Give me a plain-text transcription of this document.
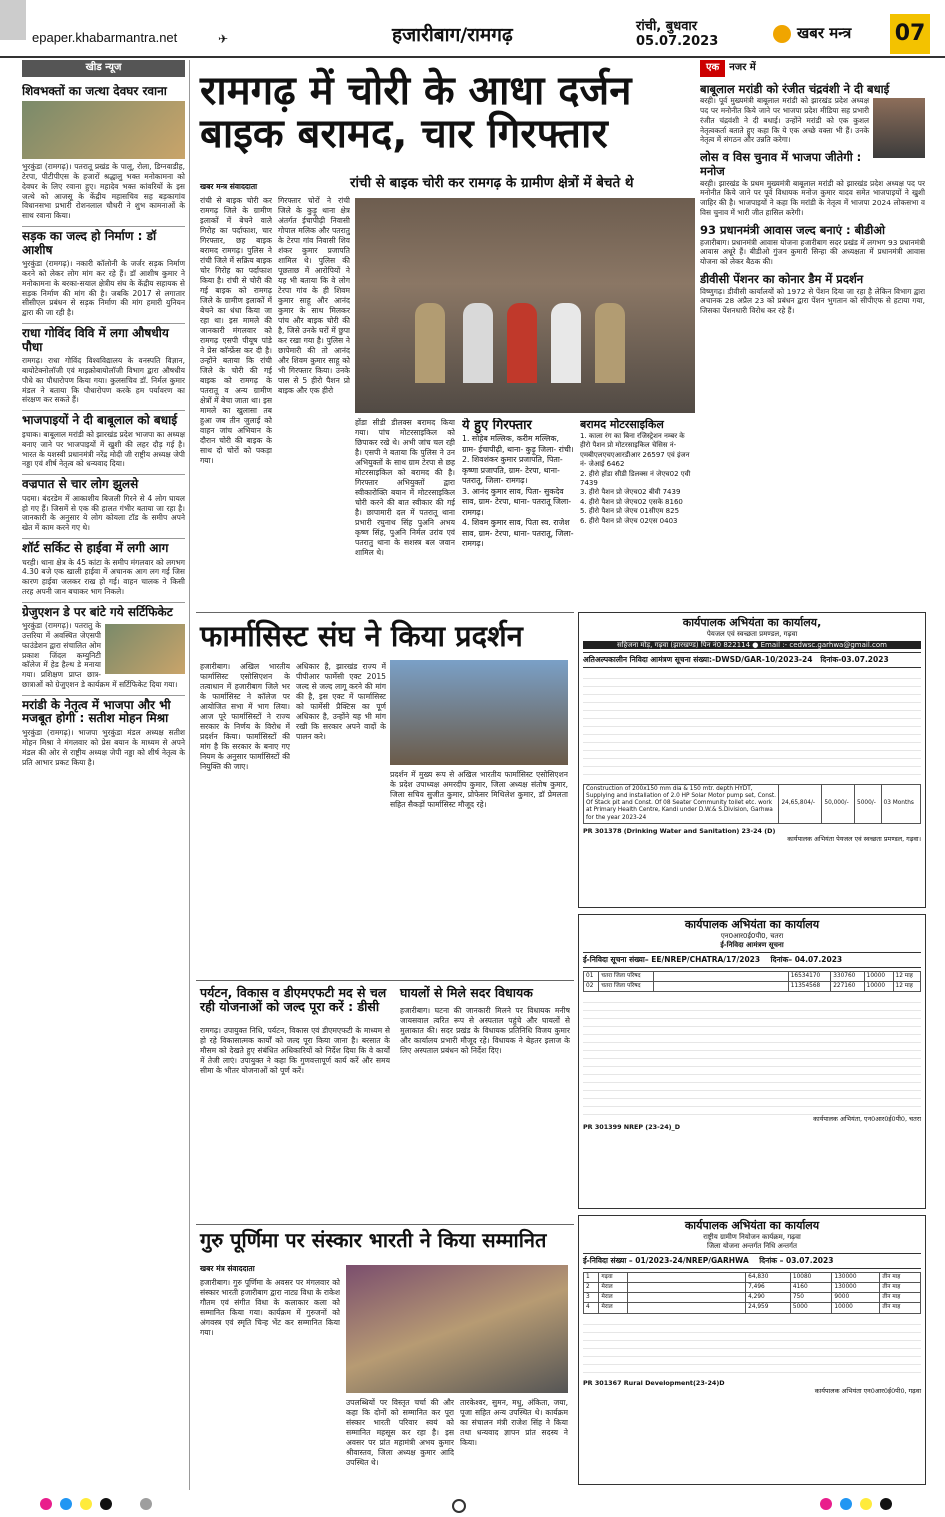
epaper.khabarmantra.net	✈	हजारीबाग/रामगढ़	रांची, बुधवार
05.07.2023	खबर मन्त्र 07
खीड न्यूज
शिवभक्तों का जत्था देवघर रवाना
भुरकुंडा (रामगढ़)। पतरातू प्रखंड के पालू, रोला, डिग्नवाडीह, टेरपा, पीटीपीएस के हजारों श्रद्धालु भक्त मनोकामना को देवघर के लिए रवाना हुए। महादेव भक्त कांवरियों के इस जत्थे को आजसू के केंद्रीय महासचिव सह बड़कागांव विधानसभा प्रभारी रोशनलाल चौधरी ने शुभ कामनाओं के साथ रवाना किया।
सड़क का जल्द हो निर्माण : डॉ आशीष
भुरकुंडा (रामगढ़)। नकारी कॉलोनी के जर्जर सड़क निर्माण करने को लेकर लोग मांग कर रहे हैं। डॉ आशीष कुमार ने मनोकामना के बरका-सयाल क्षेत्रीय संघ के केंद्रीय सहायक से सड़क निर्माण की मांग की है। जबकि 2017 से लगातार सीसीएल प्रबंधन से सड़क निर्माण की मांग हमारी युनियन द्वारा की जा रही है।
राधा गोविंद विवि में लगा औषधीय पौधा
रामगढ़। राधा गोविंद विश्वविद्यालय के वनस्पति विज्ञान, बायोटेक्नोलॉजी एवं माइक्रोबायोलॉजी विभाग द्वारा औषधीय पौधे का पौधारोपण किया गया। कुलसचिव डॉ. निर्मल कुमार मंडल ने बताया कि पौधारोपण करके हम पर्यावरण का संरक्षण कर सकते हैं।
भाजपाइयों ने दी बाबूलाल को बधाई
इचाक। बाबूलाल मरांडी को झारखंड प्रदेश भाजपा का अध्यक्ष बनाए जाने पर भाजपाइयों में खुशी की लहर दौड़ गई है। भारत के यशस्वी प्रधानमंत्री नरेंद्र मोदी जी राष्ट्रीय अध्यक्ष जेपी नड्डा एवं शीर्ष नेतृत्व को धन्यवाद दिया।
वज्रपात से चार लोग झुलसे
पदमा। बंदरडेम में आकाशीय बिजली गिरने से 4 लोग घायल हो गए हैं। जिसमें से एक की हालत गंभीर बताया जा रहा है। जानकारी के अनुसार ये लोग कोयला टॉड के समीप अपने खेत में काम करने गए थे।
शॉर्ट सर्किट से हाईवा में लगी आग
चरही। थाना क्षेत्र के 45 कांटा के समीप मंगलवार को लगभग 4.30 बजे एक खाली हाईवा में अचानक आग लग गई जिस कारण हाईवा जलकर राख हो गई। वाहन चालक ने किसी तरह अपनी जान बचाकर भाग निकले।
ग्रेजुएशन डे पर बांटे गये सर्टिफिकेट
भुरकुंडा (रामगढ़)। पतरातु के उत्तरिया में अवस्थित जेएसपी फाउंडेशन द्वारा संचालित ओम प्रकाश जिंदल कम्युनिटी कॉलेज में हेड हैल्थ डे मनाया गया। प्रशिक्षण प्राप्त छात्र-छात्राओं को ग्रेजुएशन डे कार्यक्रम में सर्टिफिकेट दिया गया।
मरांडी के नेतृत्व में भाजपा और भी मजबूत होगी : सतीश मोहन मिश्रा
भुरकुंडा (रामगढ़)। भाजपा भुरकुंडा मंडल अध्यक्ष सतीश मोहन मिश्रा ने मंगलवार को प्रेस बयान के माध्यम से अपने मंडल की ओर से राष्ट्रीय अध्यक्ष जेपी नड्डा को शीर्ष नेतृत्व के प्रति आभार प्रकट किया है।
रामगढ़ में चोरी के आधा दर्जन बाइक बरामद, चार गिरफ्तार
रांची से बाइक चोरी कर रामगढ़ के ग्रामीण क्षेत्रों में बेचते थे
खबर मन्त्र संवाददाता
रांची से बाइक चोरी कर रामगढ़ जिले के ग्रामीण इलाकों में बेचने वाले गिरोह का पर्दाफाश, चार गिरफ्तार, छह बाइक बरामद रामगढ़। पुलिस ने रांची जिले में सक्रिय बाइक चोर गिरोह का पर्दाफाश किया है। रांची से चोरी की गई बाइक को रामगढ़ जिले के ग्रामीण इलाकों में बेचने का धंधा किया जा रहा था। इस मामले की जानकारी मंगलवार को रामगढ़ एसपी पीयूष पांडे ने प्रेस कॉन्फ्रेंस कर दी है। उन्होंने बताया कि रांची जिले के चोरी की गई बाइक को रामगढ़ के पतरातू व अन्य ग्रामीण क्षेत्रों में बेचा जाता था। इस मामले का खुलासा तब हुआ जब तीन जुलाई को वाहन जांच अभियान के दौरान चोरी की बाइक के साथ दो चोरों को पकड़ा गया।
गिरफ्तार चोरों ने रांची जिले के कुड़ू थाना क्षेत्र अंतर्गत ईचापीढ़ी निवासी गोपाल मलिक और पतरातु के टेरपा गांव निवासी शिव शंकर कुमार प्रजापति शामिल थे। पुलिस की पूछताछ में आरोपियों ने यह भी बताया कि वे लोग टेरपा गांव के ही शिवम कुमार साहू और आनंद कुमार के साथ मिलकर पांच और बाइक चोरी की है, जिसे उनके घरों में छुपा कर रखा गया है। पुलिस ने छापेमारी की तो आनंद और शिवम कुमार साहू को भी गिरफ्तार किया। उनके पास से 5 हीरो पैशन प्रो बाइक और एक हीरो
होंडा सीडी डीलक्स बरामद किया गया। पांच मोटरसाइकिल को छिपाकर रखे थे। अभी जांच चल रही है। एसपी ने बताया कि पुलिस ने उन अभियुक्तों के साथ ग्राम टेरपा से छह मोटरसाइकिल को बरामद की है। गिरफ्तार अभियुक्तों द्वारा स्वीकारोक्ति बयान में मोटरसाइकिल चोरी करने की बात स्वीकार की गई है। छापामारी दल में पतरातू थाना प्रभारी रघुनाथ सिंह पुअनि अभय कृष्ण सिंह, पुअनि निर्मल उरांव एवं पतरातु थाना के सशस्त्र बल जवान शामिल थे।
ये हुए गिरफ्तार
1. सोहेब मल्लिक, करीम मल्लिक, ग्राम- ईचापीढ़ी, थाना- कुड़ू जिला- रांची।
2. शिवशंकर कुमार प्रजापति, पिता- कृष्णा प्रजापति, ग्राम- टेरपा, थाना- पतरातू, जिला- रामगढ़।
3. आनंद कुमार साव, पिता- सुकदेव साव, ग्राम- टेरपा, थाना- पतरातू जिला- रामगढ़।
4. शिवम कुमार साव, पिता स्व. राजेश साव, ग्राम- टेरपा, थाना- पतरातू, जिला- रामगढ़।
बरामद मोटरसाइकिल
1. काला रंग का बिना रजिस्ट्रेशन नम्बर के हीरो पैशन प्रो मोटरसाइकिल चेसिस नं- एमबीएलएचएआरडीआर 26597 एवं इंजन नं- जेआई 6462
2. हीरो होंडा सीडी डिलक्स नं जेएच02 एवी 7439
3. हीरो पैशन प्रो जेएच02 बीवी 7439
4. हीरो पैशन प्रो जेएच02 एसके 8160
5. हीरो पैशन प्रो जेएच 01सीएम 825
6. हीरो पैशन प्रो जेएच 02एस 0403
एक नजर में
बाबूलाल मरांडी को रंजीत चंद्रवंशी ने दी बधाई
बरही। पूर्व मुख्यमंत्री बाबूलाल मरांडी को झारखंड प्रदेश अध्यक्ष पद पर मनोनीत किये जाने पर भाजपा प्रदेश मीडिया सह प्रभारी रंजीत चंद्रवंशी ने दी बधाई। उन्होंने मरांडी को एक कुशल नेतृत्वकर्ता बताते हुए कहा कि ये एक अच्छे वक्ता भी हैं। उनके नेतृत्व में संगठन और उन्नति करेगा।
लोस व विस चुनाव में भाजपा जीतेगी : मनोज
बरही। झारखंड के प्रथम मुख्यमंत्री बाबूलाल मरांडी को झारखंड प्रदेश अध्यक्ष पद पर मनोनीत किये जाने पर पूर्व विधायक मनोज कुमार यादव समेत भाजपाइयों ने खुशी जाहिर की है। भाजपाइयों ने कहा कि मरांडी के नेतृत्व में भाजपा 2024 लोकसभा व विस चुनाव में भारी जीत हासिल करेगी।
93 प्रधानमंत्री आवास जल्द बनाएं : बीडीओ
हजारीबाग। प्रधानमंत्री आवास योजना हजारीबाग सदर प्रखंड में लगभग 93 प्रधानमंत्री आवास अधूरे हैं। बीडीओ गुंजन कुमारी सिन्हा की अध्यक्षता में प्रधानमंत्री आवास योजना को लेकर बैठक की।
डीवीसी पेंशनर का कोनार डैम में प्रदर्शन
विष्णुगढ़। डीवीसी कार्यालयों को 1972 से पेंशन दिया जा रहा है लेकिन विभाग द्वारा अचानक 28 अप्रैल 23 को प्रबंधन द्वारा पेंशन भुगतान को सीपीएफ से हटाया गया, जिसका पेंशनधारी विरोध कर रहे हैं।
फार्मासिस्ट संघ ने किया प्रदर्शन
हजारीबाग। अखिल भारतीय फार्मासिस्ट एसोसिएशन के तत्वाधान में हजारीबाग जिले भर के फार्मासिस्ट ने कॉलेज पर आयोजित सभा में भाग लिया। आज पूरे फार्मासिस्टों ने राज्य सरकार के निर्णय के विरोध में प्रदर्शन किया। फार्मासिस्टों की मांग है कि सरकार के बनाए गए नियम के अनुसार फार्मासिस्टों की नियुक्ति की जाए।
अधिकार है, झारखंड राज्य में पीपीआर फार्मेसी एक्ट 2015 जल्द से जल्द लागू करने की मांग की है, इस एक्ट में फार्मासिस्ट को फार्मेसी प्रैक्टिस का पूर्ण अधिकार है, उन्होंने यह भी मांग रखी कि सरकार अपने वादों के पालन करे।
प्रदर्शन में मुख्य रूप से अखिल भारतीय फार्मासिस्ट एसोसिएशन के प्रदेश उपाध्यक्ष अमरदीप कुमार, जिला अध्यक्ष संतोष कुमार, जिला सचिव सुजीत कुमार, प्रोफेसर मिथिलेश कुमार, डॉ प्रेमलता सहित सैकड़ों फार्मासिस्ट मौजूद रहे।
पर्यटन, विकास व डीएमएफटी मद से चल रही योजनाओं को जल्द पूरा करें : डीसी
रामगढ़। उपायुक्त निधि, पर्यटन, विकास एवं डीएमएफटी के माध्यम से हो रहे विकासात्मक कार्यों को जल्द पूरा किया जाना है। बरसात के मौसम को देखते हुए संबंधित अधिकारियों को निर्देश दिया कि वे कार्यों में तेजी लाएं। उपायुक्त ने कहा कि गुणवत्तापूर्ण कार्य करें और समय सीमा के भीतर योजनाओं को पूर्ण करें।
घायलों से मिले सदर विधायक
हजारीबाग। घटना की जानकारी मिलने पर विधायक मनीष जायसवाल त्वरित रूप से अस्पताल पहुंचे और घायलों से मुलाकात की। सदर प्रखंड के विधायक प्रतिनिधि विजय कुमार और कार्यालय प्रभारी मौजूद रहे। विधायक ने बेहतर इलाज के लिए अस्पताल प्रबंधन को निर्देश दिए।
गुरु पूर्णिमा पर संस्कार भारती ने किया सम्मानित
खबर मंत्र संवाददाता
हजारीबाग। गुरु पूर्णिमा के अवसर पर मंगलवार को संस्कार भारती हजारीबाग द्वारा नाट्य विधा के राकेश गौतम एवं संगीत विधा के कलाकार कला को सम्मानित किया गया। कार्यक्रम में गुरुजनों को अंगवस्त्र एवं स्मृति चिन्ह भेंट कर सम्मानित किया गया।
उपलब्धियों पर विस्तृत चर्चा की और कहा कि दोनों को सम्मानित कर पूरा संस्कार भारती परिवार स्वयं को सम्मानित महसूस कर रहा है। इस अवसर पर प्रांत महामंत्री अभय कुमार श्रीवास्तव, जिला अध्यक्ष कुमार आदि उपस्थित थे।
तारकेश्वर, सुमन, मधु, अंकिता, जया, पूजा सहित अन्य उपस्थित थे। कार्यक्रम का संचालन मंत्री राजेश सिंह ने किया तथा धन्यवाद ज्ञापन प्रांत सदस्य ने किया।
कार्यपालक अभियंता का कार्यालय,
पेयजल एवं स्वच्छता प्रमण्डल, गढ़वा
सहिजना मोड़, गढ़वा (झारखण्ड) पिन नं0 822114 ● Email :- cedwsc.garhwa@gmail.com
अतिअल्पकालीन निविदा आमंत्रण सूचना संख्या:-DWSD/GAR-10/2023-24 दिनांक-03.07.2023
Construction of 200x150 mm dia & 150 mtr. depth HYDT, Supplying and installation of 2.0 HP Solar Motor pump set, Const. Of Stack pit and Const. Of 08 Seater Community toilet etc. work at Primary Health Centre, Kandi under D.W.& S.Division, Garhwa for the year 2023-24	24,65,804/-	50,000/-	5000/-	03 Months
PR 301378 (Drinking Water and Sanitation) 23-24 (D)
कार्यपालक अभियंता पेयजल एवं स्वच्छता प्रमण्डल, गढ़वा।
कार्यपालक अभियंता का कार्यालय
एन0आर0ई0पी0, चतरा
ई-निविदा आमंत्रण सूचना
ई-निविदा सूचना संख्या– EE/NREP/CHATRA/17/2023 दिनांक– 04.07.2023
01	चतरा जिला परिषद		16534170	330760	10000	12 माह
02	चतरा जिला परिषद		11354568	227160	10000	12 माह
कार्यपालक अभियंता, एन0आर0ई0पी0, चतरा
PR 301399 NREP (23-24)_D
कार्यपालक अभियंता का कार्यालय
राष्ट्रीय ग्रामीण नियोजन कार्यक्रम, गढ़वा
जिला योजना अन्तर्गत निधि अन्तर्गत
ई-निविदा संख्या – 01/2023-24/NREP/GARHWA दिनांक – 03.07.2023
1	गढ़वा		64,830	10080	130000	तीन माह
2	मेराल		7,496	4160	130000	तीन माह
3	मेराल		4,290	750	9000	तीन माह
4	मेराल		24,959	5000	10000	तीन माह
PR 301367 Rural Development(23-24)D
कार्यपालक अभियंता एन0आर0ई0पी0, गढ़वा
